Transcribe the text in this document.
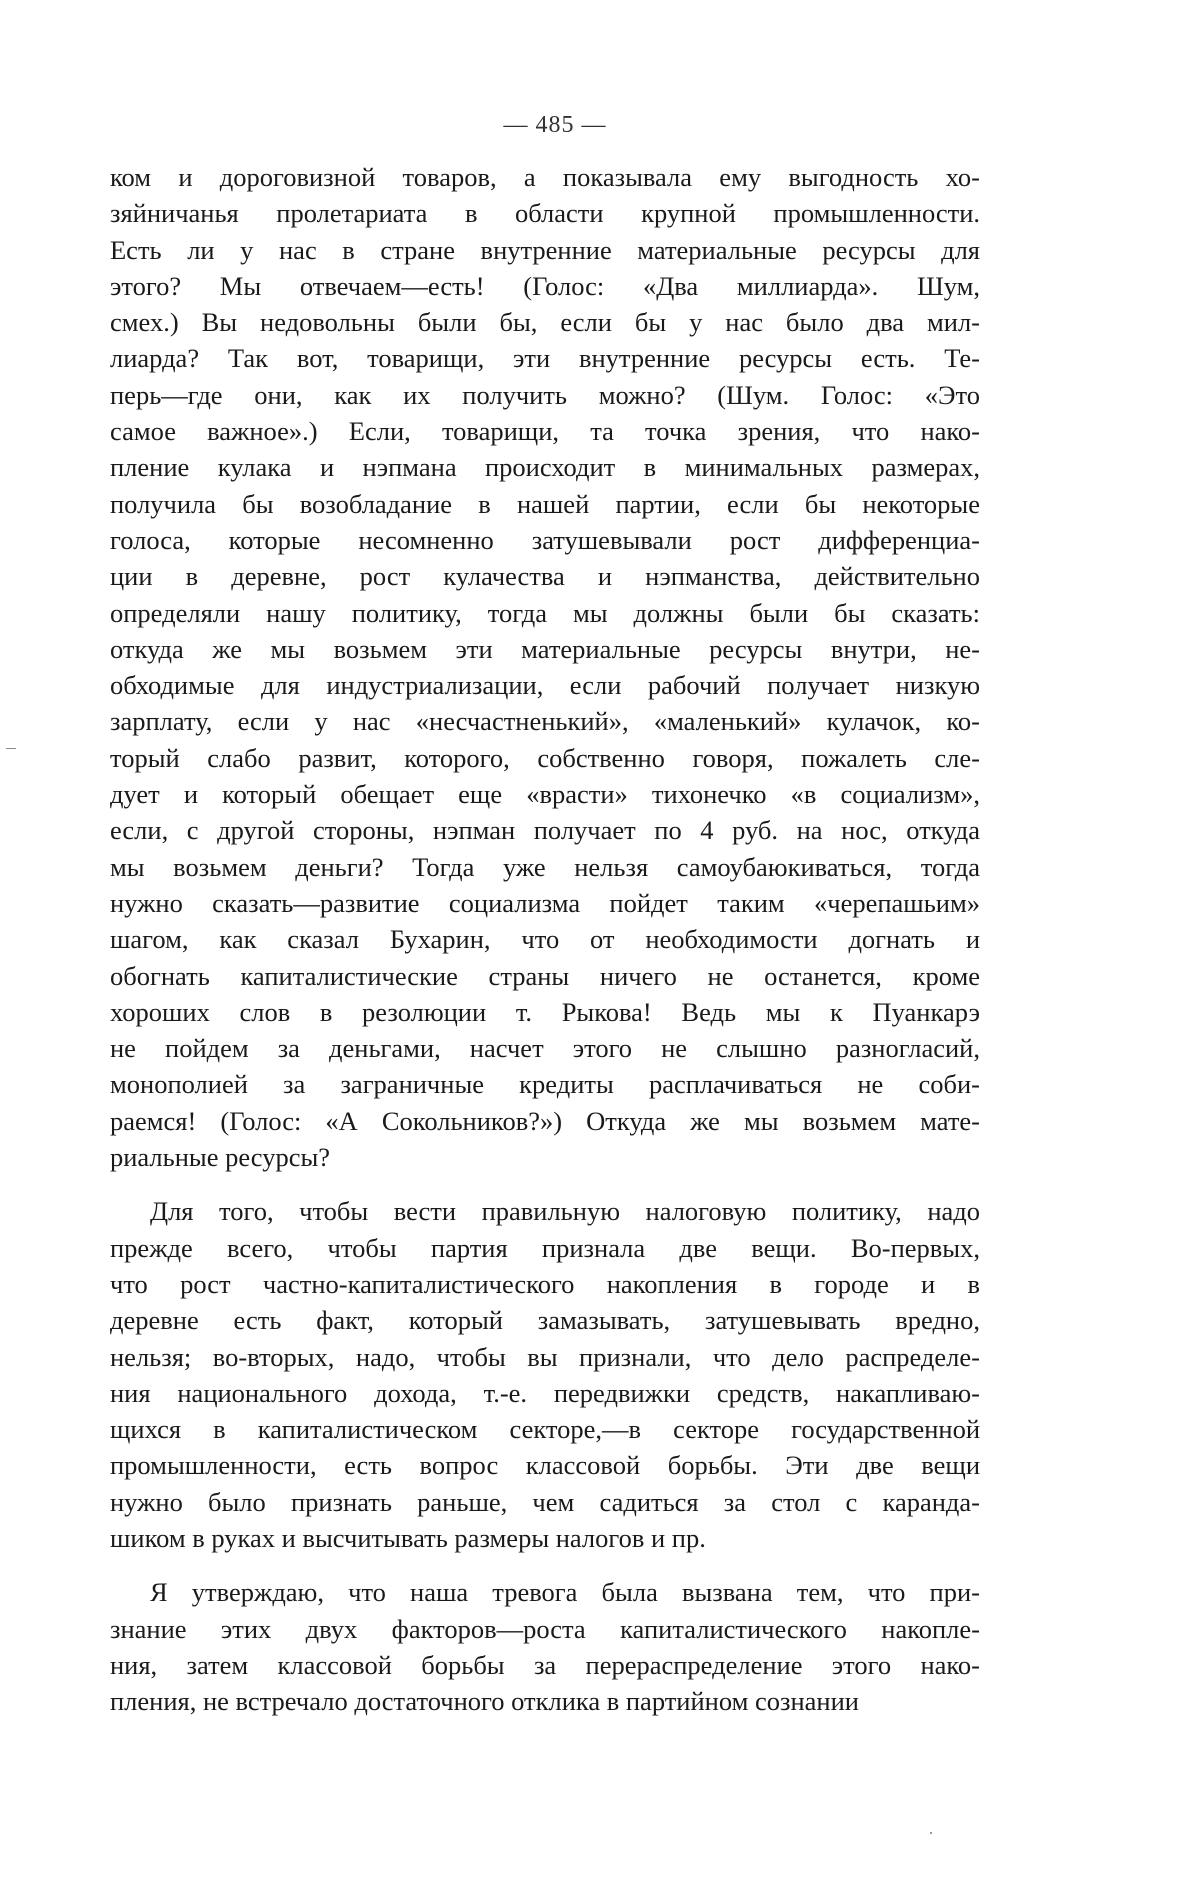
— 485 —
ком и дороговизной товаров, а показывала ему выгодность хо-
зяйничанья пролетариата в области крупной промышленности.
Есть ли у нас в стране внутренние материальные ресурсы для
этого? Мы отвечаем—есть! (Голос: «Два миллиарда». Шум,
смех.) Вы недовольны были бы, если бы у нас было два мил-
лиарда? Так вот, товарищи, эти внутренние ресурсы есть. Те-
перь—где они, как их получить можно? (Шум. Голос: «Это
самое важное».) Если, товарищи, та точка зрения, что нако-
пление кулака и нэпмана происходит в минимальных размерах,
получила бы возобладание в нашей партии, если бы некоторые
голоса, которые несомненно затушевывали рост дифференциа-
ции в деревне, рост кулачества и нэпманства, действительно
определяли нашу политику, тогда мы должны были бы сказать:
откуда же мы возьмем эти материальные ресурсы внутри, не-
обходимые для индустриализации, если рабочий получает низкую
зарплату, если у нас «несчастненький», «маленький» кулачок, ко-
торый слабо развит, которого, собственно говоря, пожалеть сле-
дует и который обещает еще «врасти» тихонечко «в социализм»,
если, с другой стороны, нэпман получает по 4 руб. на нос, откуда
мы возьмем деньги? Тогда уже нельзя самоубаюкиваться, тогда
нужно сказать—развитие социализма пойдет таким «черепашьим»
шагом, как сказал Бухарин, что от необходимости догнать и
обогнать капиталистические страны ничего не останется, кроме
хороших слов в резолюции т. Рыкова! Ведь мы к Пуанкарэ
не пойдем за деньгами, насчет этого не слышно разногласий,
монополией за заграничные кредиты расплачиваться не соби-
раемся! (Голос: «А Сокольников?») Откуда же мы возьмем мате-
риальные ресурсы?
Для того, чтобы вести правильную налоговую политику, надо
прежде всего, чтобы партия признала две вещи. Во-первых,
что рост частно-капиталистического накопления в городе и в
деревне есть факт, который замазывать, затушевывать вредно,
нельзя; во-вторых, надо, чтобы вы признали, что дело распределе-
ния национального дохода, т.-е. передвижки средств, накапливаю-
щихся в капиталистическом секторе,—в секторе государственной
промышленности, есть вопрос классовой борьбы. Эти две вещи
нужно было признать раньше, чем садиться за стол с каранда-
шиком в руках и высчитывать размеры налогов и пр.
Я утверждаю, что наша тревога была вызвана тем, что при-
знание этих двух факторов—роста капиталистического накопле-
ния, затем классовой борьбы за перераспределение этого нако-
пления, не встречало достаточного отклика в партийном сознании
